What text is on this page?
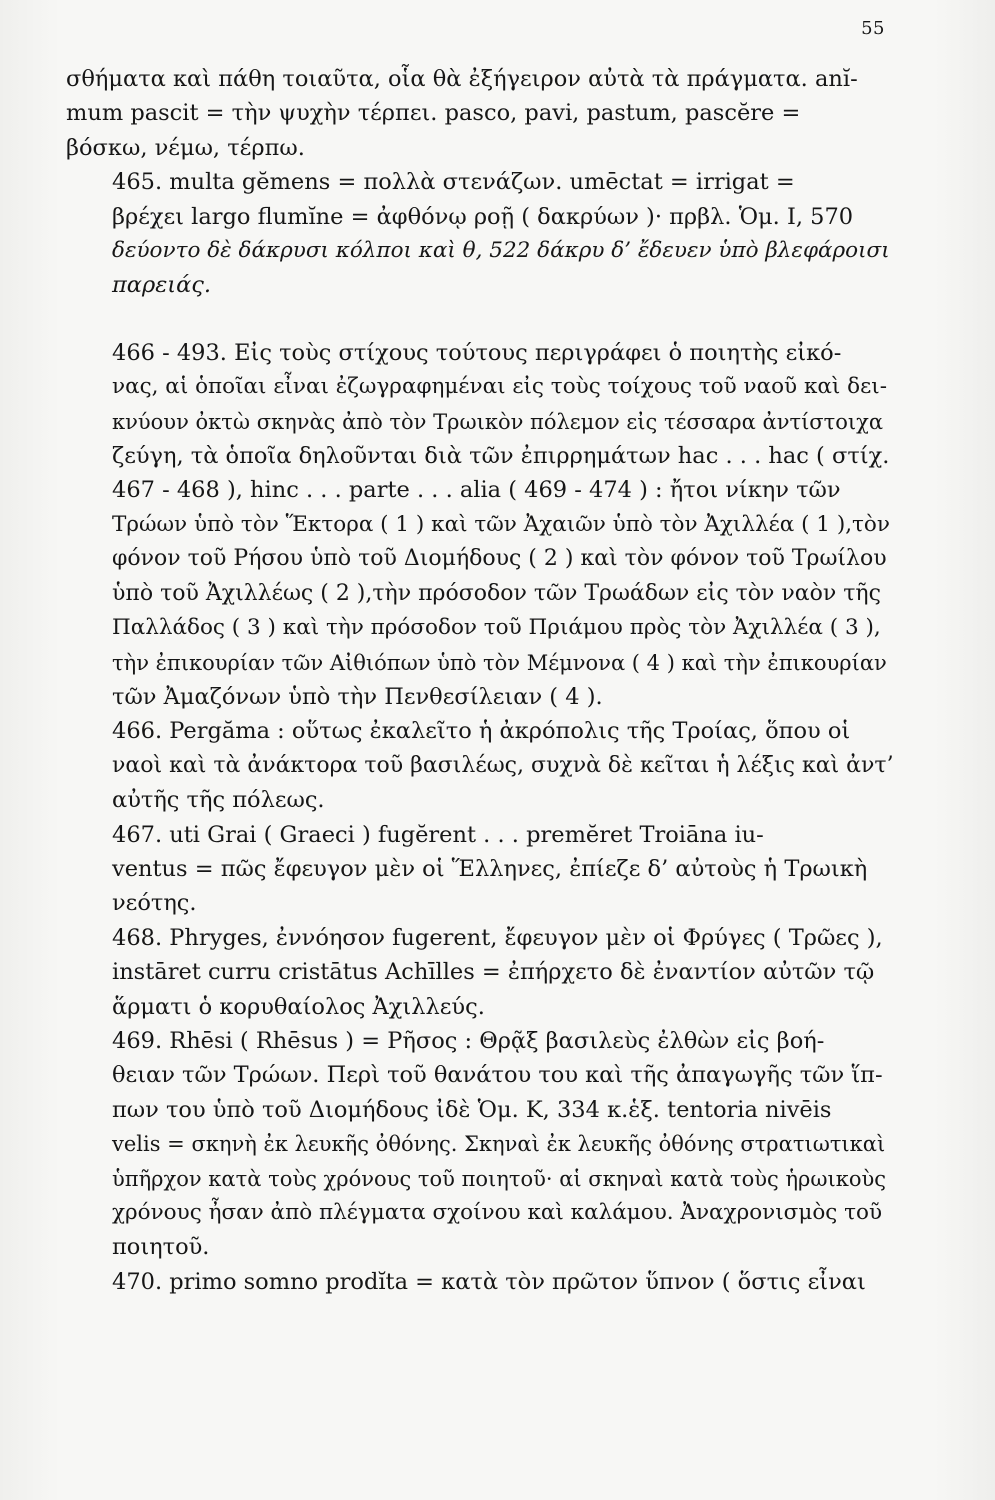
55

σθήματα καὶ πάθη τοιαῦτα, οἷα θὰ ἐξήγειρον αὐτὰ τὰ πράγματα. anĭ-
mum pascit = τὴν ψυχὴν τέρπει. pasco, pavi, pastum, pascĕre =
βόσκω, νέμω, τέρπω.

465. multa gĕmens = πολλὰ στενάζων. umēctat = irrigat =
βρέχει largo flumĭne = ἀφθόνῳ ροῇ ( δακρύων )· πρβλ. Ὁμ. I, 570
δεύοντο δὲ δάκρυσι κόλποι καὶ θ, 522 δάκρυ δ’ ἔδευεν ὑπὸ βλεφάροισι
παρειάς.

466 - 493. Εἰς τοὺς στίχους τούτους περιγράφει ὁ ποιητὴς εἰκό-
νας, αἱ ὁποῖαι εἶναι ἐζωγραφημέναι εἰς τοὺς τοίχους τοῦ ναοῦ καὶ δει-
κνύουν ὀκτὼ σκηνὰς ἀπὸ τὸν Τρωικὸν πόλεμον εἰς τέσσαρα ἀντίστοιχα
ζεύγη, τὰ ὁποῖα δηλοῦνται διὰ τῶν ἐπιρρημάτων hac . . . hac ( στίχ.
467 - 468 ), hinc . . . parte . . . alia ( 469 - 474 ) : ἤτοι νίκην τῶν
Τρώων ὑπὸ τὸν Ἕκτορα ( 1 ) καὶ τῶν Ἀχαιῶν ὑπὸ τὸν Ἀχιλλέα ( 1 ),τὸν
φόνον τοῦ Ρήσου ὑπὸ τοῦ Διομήδους ( 2 ) καὶ τὸν φόνον τοῦ Τρωίλου
ὑπὸ τοῦ Ἀχιλλέως ( 2 ),τὴν πρόσοδον τῶν Τρωάδων εἰς τὸν ναὸν τῆς
Παλλάδος ( 3 ) καὶ τὴν πρόσοδον τοῦ Πριάμου πρὸς τὸν Ἀχιλλέα ( 3 ),
τὴν ἐπικουρίαν τῶν Αἰθιόπων ὑπὸ τὸν Μέμνονα ( 4 ) καὶ τὴν ἐπικουρίαν
τῶν Ἀμαζόνων ὑπὸ τὴν Πενθεσίλειαν ( 4 ).

466. Pergăma : οὕτως ἐκαλεῖτο ἡ ἀκρόπολις τῆς Τροίας, ὅπου οἱ
ναοὶ καὶ τὰ ἀνάκτορα τοῦ βασιλέως, συχνὰ δὲ κεῖται ἡ λέξις καὶ ἀντ’
αὐτῆς τῆς πόλεως.

467. uti Grai ( Graeci ) fugĕrent . . . premĕret Troiāna iu-
ventus = πῶς ἔφευγον μὲν οἱ Ἕλληνες, ἐπίεζε δ’ αὐτοὺς ἡ Τρωικὴ
νεότης.

468. Phryges, ἐννόησον fugerent, ἔφευγον μὲν οἱ Φρύγες ( Τρῶες ),
instāret curru cristātus Achīlles = ἐπήρχετο δὲ ἐναντίον αὐτῶν τῷ
ἅρματι ὁ κορυθαίολος Ἀχιλλεύς.

469. Rhēsi ( Rhēsus ) = Ρῆσος : Θρᾷξ βασιλεὺς ἐλθὼν εἰς βοή-
θειαν τῶν Τρώων. Περὶ τοῦ θανάτου του καὶ τῆς ἀπαγωγῆς τῶν ἵπ-
πων του ὑπὸ τοῦ Διομήδους ἰδὲ Ὁμ. Κ, 334 κ.ἑξ. tentoria nivēis
velis = σκηνὴ ἐκ λευκῆς ὀθόνης. Σκηναὶ ἐκ λευκῆς ὀθόνης στρατιωτικαὶ
ὑπῆρχον κατὰ τοὺς χρόνους τοῦ ποιητοῦ· αἱ σκηναὶ κατὰ τοὺς ἡρωικοὺς
χρόνους ἦσαν ἀπὸ πλέγματα σχοίνου καὶ καλάμου. Ἀναχρονισμὸς τοῦ
ποιητοῦ.

470. primo somno prodĭta = κατὰ τὸν πρῶτον ὕπνον ( ὅστις εἶναι
